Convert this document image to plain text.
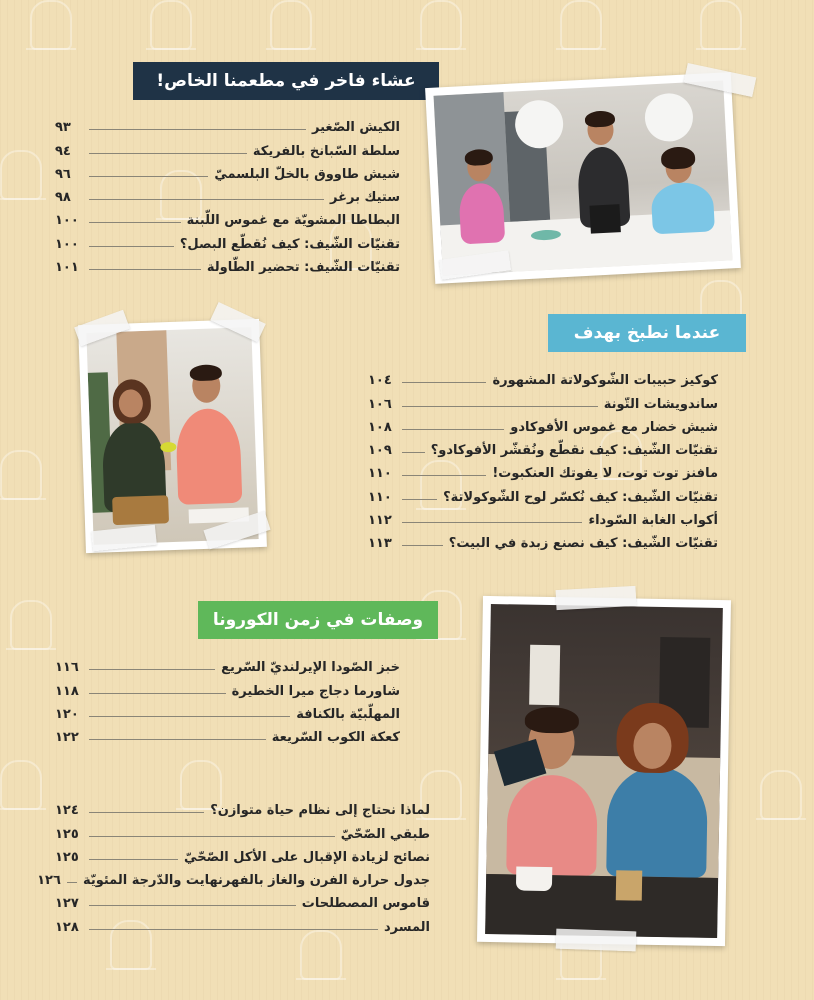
عشاء فاخر في مطعمنا الخاص!
الكيش الصّغير
٩٣
سلطة السّبانخ بالفريكة
٩٤
شيش طاووق بالخلّ البلسميّ
٩٦
ستيك برغر
٩٨
البطاطا المشويّة مع غموس اللّبنة
١٠٠
تقنيّات الشّيف: كيف نُقطّع البصل؟
١٠٠
تقنيّات الشّيف: تحضير الطّاولة
١٠١
عندما نطبخ بهدف
كوكيز حبيبات الشّوكولاتة المشهورة
١٠٤
ساندويشات التّونة
١٠٦
شيش خضار مع غموس الأفوكادو
١٠٨
تقنيّات الشّيف: كيف نقطّع ونُقشّر الأفوكادو؟
١٠٩
مافنز توت توت، لا يفوتك العنكبوت!
١١٠
تقنيّات الشّيف: كيف نُكسّر لوح الشّوكولاتة؟
١١٠
أكواب الغابة السّوداء
١١٢
تقنيّات الشّيف: كيف نصنع زبدة في البيت؟
١١٣
وصفات في زمن الكورونا
خبز الصّودا الإيرلنديّ السّريع
١١٦
شاورما دجاج ميرا الخطيرة
١١٨
المهلّبيّة بالكنافة
١٢٠
كعكة الكوب السّريعة
١٢٢
لماذا نحتاج إلى نظام حياة متوازن؟
١٢٤
طبقي الصّحّيّ
١٢٥
نصائح لزيادة الإقبال على الأكل الصّحّيّ
١٢٥
جدول حرارة الفرن والغاز بالفهرنهايت والدّرجة المئويّة
١٢٦
قاموس المصطلحات
١٢٧
المسرد
١٢٨
